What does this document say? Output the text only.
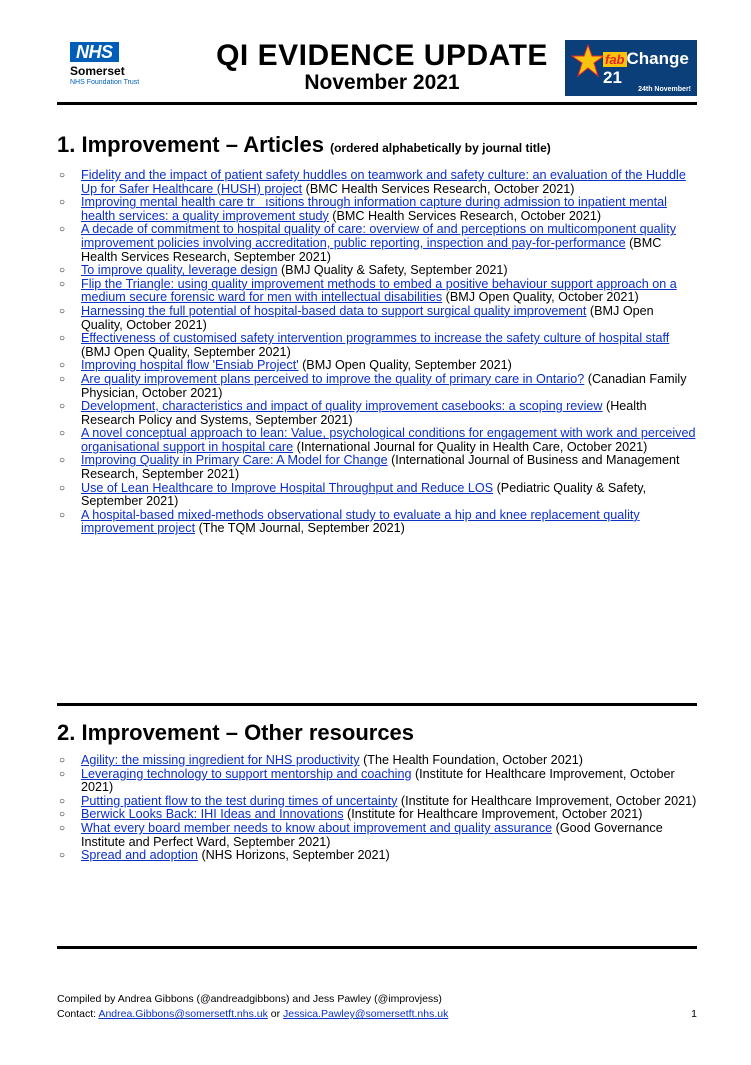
NHS
Somerset
NHS Foundation Trust
QI EVIDENCE UPDATE
November 2021
fab Change 21
24th November!
1. Improvement – Articles (ordered alphabetically by journal title)
○ Fidelity and the impact of patient safety huddles on teamwork and safety culture: an evaluation of the Huddle Up for Safer Healthcare (HUSH) project (BMC Health Services Research, October 2021)
○ Improving mental health care tr   ısitions through information capture during admission to inpatient mental health services: a quality improvement study (BMC Health Services Research, October 2021)
○ A decade of commitment to hospital quality of care: overview of and perceptions on multicomponent quality improvement policies involving accreditation, public reporting, inspection and pay-for-performance (BMC Health Services Research, September 2021)
○ To improve quality, leverage design (BMJ Quality & Safety, September 2021)
○ Flip the Triangle: using quality improvement methods to embed a positive behaviour support approach on a medium secure forensic ward for men with intellectual disabilities (BMJ Open Quality, October 2021)
○ Harnessing the full potential of hospital-based data to support surgical quality improvement (BMJ Open Quality, October 2021)
○ Effectiveness of customised safety intervention programmes to increase the safety culture of hospital staff (BMJ Open Quality, September 2021)
○ Improving hospital flow 'Ensiab Project' (BMJ Open Quality, September 2021)
○ Are quality improvement plans perceived to improve the quality of primary care in Ontario? (Canadian Family Physician, October 2021)
○ Development, characteristics and impact of quality improvement casebooks: a scoping review (Health Research Policy and Systems, September 2021)
○ A novel conceptual approach to lean: Value, psychological conditions for engagement with work and perceived organisational support in hospital care (International Journal for Quality in Health Care, October 2021)
○ Improving Quality in Primary Care: A Model for Change (International Journal of Business and Management Research, September 2021)
○ Use of Lean Healthcare to Improve Hospital Throughput and Reduce LOS (Pediatric Quality & Safety, September 2021)
○ A hospital-based mixed-methods observational study to evaluate a hip and knee replacement quality improvement project (The TQM Journal, September 2021)
2. Improvement – Other resources
○ Agility: the missing ingredient for NHS productivity (The Health Foundation, October 2021)
○ Leveraging technology to support mentorship and coaching (Institute for Healthcare Improvement, October 2021)
○ Putting patient flow to the test during times of uncertainty (Institute for Healthcare Improvement, October 2021)
○ Berwick Looks Back: IHI Ideas and Innovations (Institute for Healthcare Improvement, October 2021)
○ What every board member needs to know about improvement and quality assurance (Good Governance Institute and Perfect Ward, September 2021)
○ Spread and adoption (NHS Horizons, September 2021)
Compiled by Andrea Gibbons (@andreadgibbons) and Jess Pawley (@improvjess)
Contact: Andrea.Gibbons@somersetft.nhs.uk or Jessica.Pawley@somersetft.nhs.uk	1
